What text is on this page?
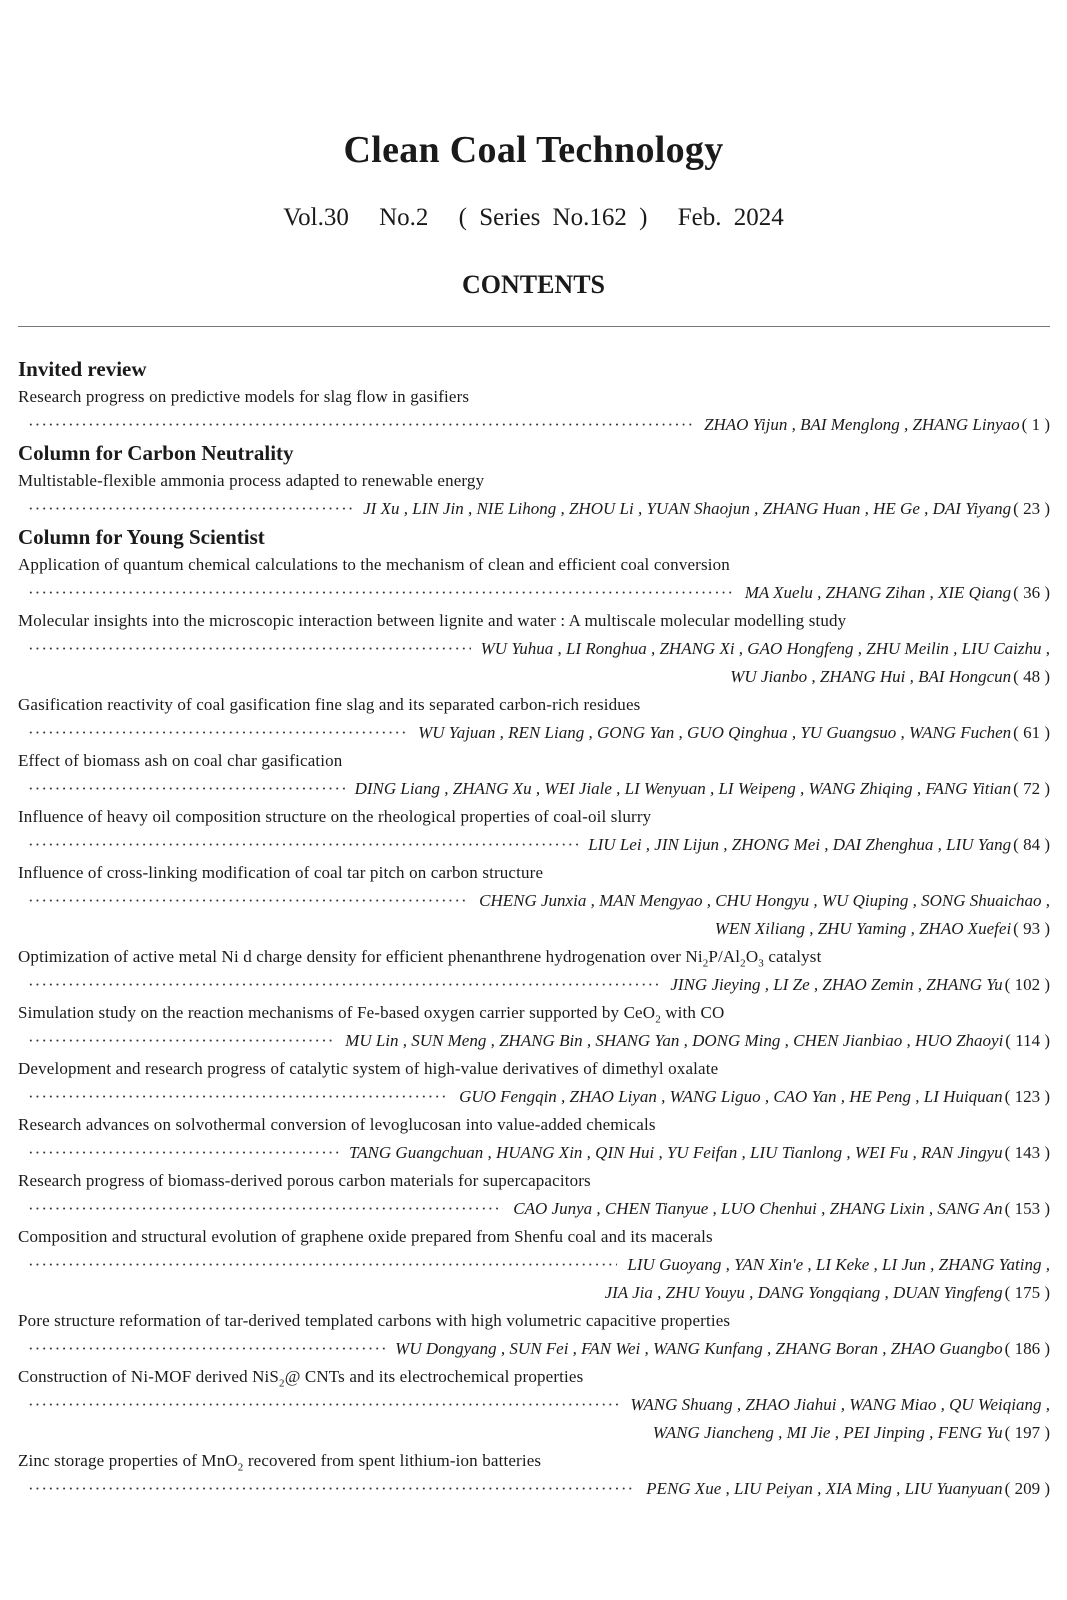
Clean Coal Technology
Vol.30 No.2 ( Series No.162 ) Feb. 2024
CONTENTS
Invited review
Research progress on predictive models for slag flow in gasifiers
·····
ZHAO Yijun , BAI Menglong , ZHANG Linyao ( 1 )
Column for Carbon Neutrality
Multistable-flexible ammonia process adapted to renewable energy
·····
JI Xu , LIN Jin , NIE Lihong , ZHOU Li , YUAN Shaojun , ZHANG Huan , HE Ge , DAI Yiyang ( 23 )
Column for Young Scientist
Application of quantum chemical calculations to the mechanism of clean and efficient coal conversion
·····
MA Xuelu , ZHANG Zihan , XIE Qiang ( 36 )
Molecular insights into the microscopic interaction between lignite and water : A multiscale molecular modelling study
·····
WU Yuhua , LI Ronghua , ZHANG Xi , GAO Hongfeng , ZHU Meilin , LIU Caizhu ,
WU Jianbo , ZHANG Hui , BAI Hongcun ( 48 )
Gasification reactivity of coal gasification fine slag and its separated carbon-rich residues
·····
WU Yajuan , REN Liang , GONG Yan , GUO Qinghua , YU Guangsuo , WANG Fuchen ( 61 )
Effect of biomass ash on coal char gasification
·····
DING Liang , ZHANG Xu , WEI Jiale , LI Wenyuan , LI Weipeng , WANG Zhiqing , FANG Yitian ( 72 )
Influence of heavy oil composition structure on the rheological properties of coal-oil slurry
·····
LIU Lei , JIN Lijun , ZHONG Mei , DAI Zhenghua , LIU Yang ( 84 )
Influence of cross-linking modification of coal tar pitch on carbon structure
·····
CHENG Junxia , MAN Mengyao , CHU Hongyu , WU Qiuping , SONG Shuaichao ,
WEN Xiliang , ZHU Yaming , ZHAO Xuefei ( 93 )
Optimization of active metal Ni d charge density for efficient phenanthrene hydrogenation over $Ni_2P/Al_2O_3$ catalyst
·····
JING Jieying , LI Ze , ZHAO Zemin , ZHANG Yu ( 102 )
Simulation study on the reaction mechanisms of Fe-based oxygen carrier supported by CeO$_2$ with CO
·····
MU Lin , SUN Meng , ZHANG Bin , SHANG Yan , DONG Ming , CHEN Jianbiao , HUO Zhaoyi ( 114 )
Development and research progress of catalytic system of high-value derivatives of dimethyl oxalate
·····
GUO Fengqin , ZHAO Liyan , WANG Liguo , CAO Yan , HE Peng , LI Huiquan ( 123 )
Research advances on solvothermal conversion of levoglucosan into value-added chemicals
·····
TANG Guangchuan , HUANG Xin , QIN Hui , YU Feifan , LIU Tianlong , WEI Fu , RAN Jingyu ( 143 )
Research progress of biomass-derived porous carbon materials for supercapacitors
·····
CAO Junya , CHEN Tianyue , LUO Chenhui , ZHANG Lixin , SANG An ( 153 )
Composition and structural evolution of graphene oxide prepared from Shenfu coal and its macerals
·····
LIU Guoyang , YAN Xin'e , LI Keke , LI Jun , ZHANG Yating ,
JIA Jia , ZHU Youyu , DANG Yongqiang , DUAN Yingfeng ( 175 )
Pore structure reformation of tar-derived templated carbons with high volumetric capacitive properties
·····
WU Dongyang , SUN Fei , FAN Wei , WANG Kunfang , ZHANG Boran , ZHAO Guangbo ( 186 )
Construction of Ni-MOF derived NiS$_2$@ CNTs and its electrochemical properties
·····
WANG Shuang , ZHAO Jiahui , WANG Miao , QU Weiqiang ,
WANG Jiancheng , MI Jie , PEI Jinping , FENG Yu ( 197 )
Zinc storage properties of MnO$_2$ recovered from spent lithium-ion batteries
·····
PENG Xue , LIU Peiyan , XIA Ming , LIU Yuanyuan ( 209 )
